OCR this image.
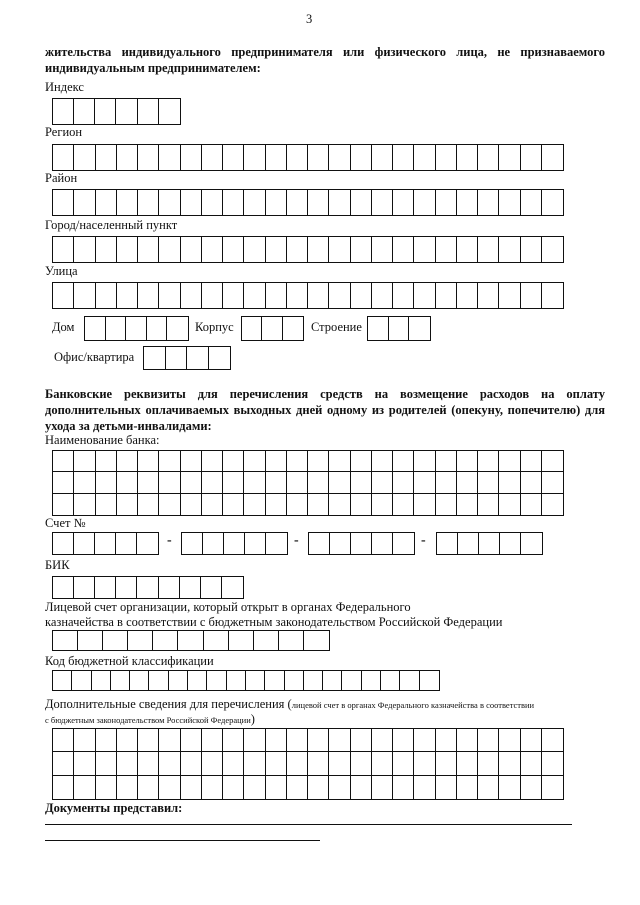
3
жительства индивидуального предпринимателя или физического лица, не признаваемого индивидуальным предпринимателем:
Индекс
Регион
Район
Город/населенный пункт
Улица
Дом	Корпус	Строение
Офис/квартира
Банковские реквизиты для перечисления средств на возмещение расходов на оплату дополнительных оплачиваемых выходных дней одному из родителей (опекуну, попечителю) для ухода за детьми-инвалидами:
Наименование банка:
Счет №
-	-	-
БИК
Лицевой счет организации, который открыт в органах Федерального
казначейства в соответствии с бюджетным законодательством Российской Федерации
Код бюджетной классификации
Дополнительные сведения для перечисления (лицевой счет в органах Федерального казначейства в соответствии
с бюджетным законодательством Российской Федерации)
Документы представил:
